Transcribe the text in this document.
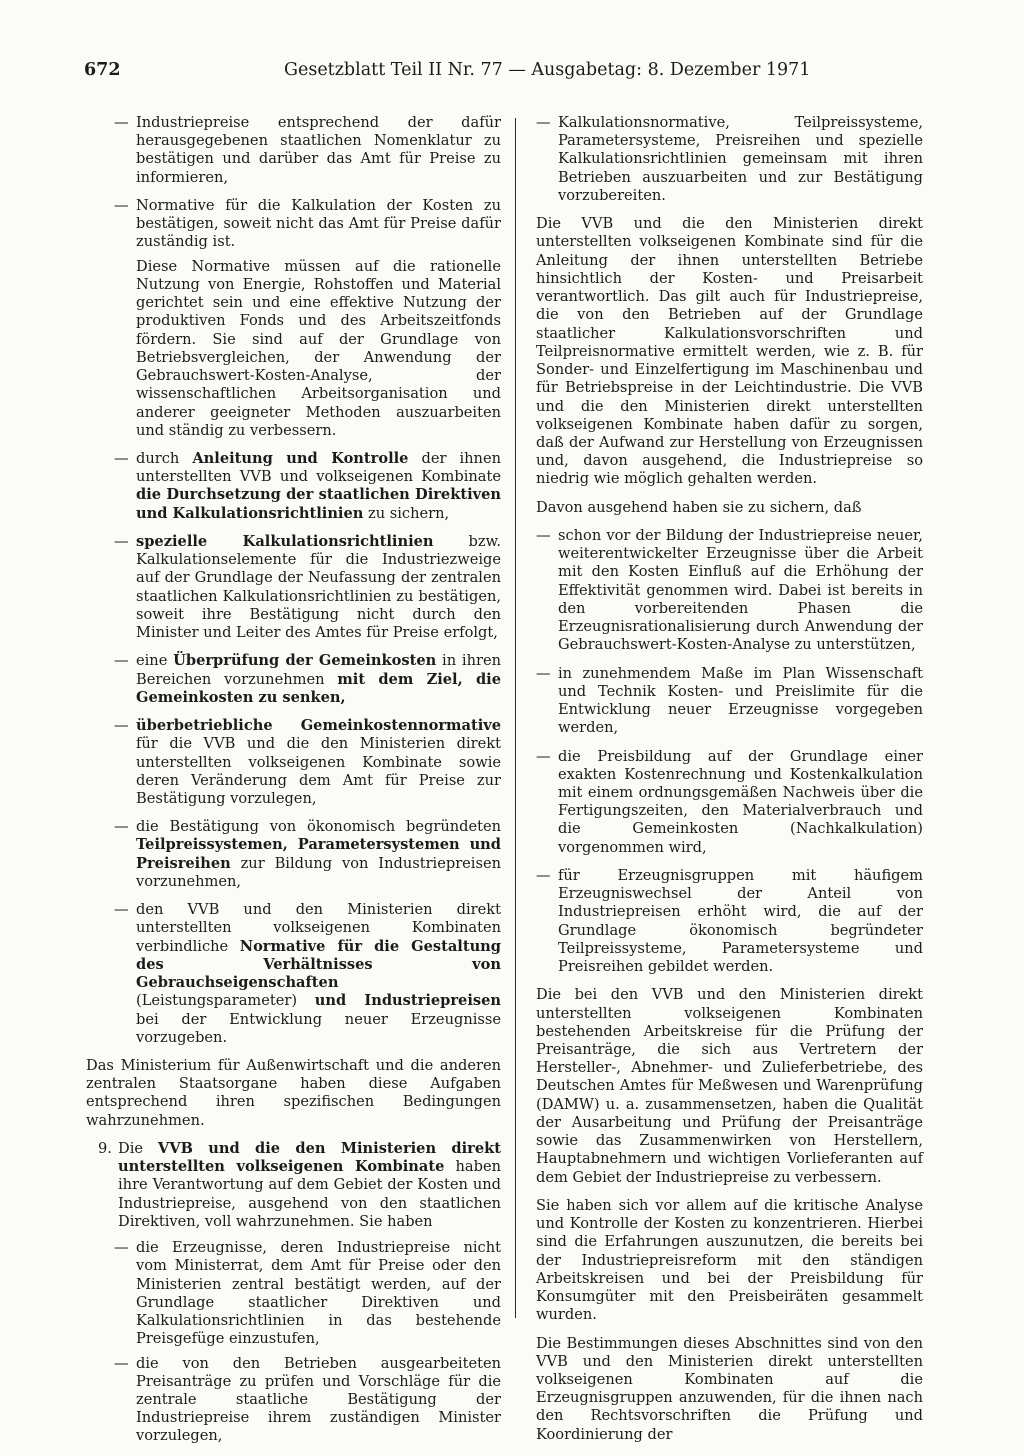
672	Gesetzblatt Teil II Nr. 77 — Ausgabetag: 8. Dezember 1971
— Industriepreise entsprechend der dafür herausgegebenen staatlichen Nomenklatur zu bestätigen und darüber das Amt für Preise zu informieren,
— Normative für die Kalkulation der Kosten zu bestätigen, soweit nicht das Amt für Preise dafür zuständig ist.
Diese Normative müssen auf die rationelle Nutzung von Energie, Rohstoffen und Material gerichtet sein und eine effektive Nutzung der produktiven Fonds und des Arbeitszeitfonds fördern. Sie sind auf der Grundlage von Betriebsvergleichen, der Anwendung der Gebrauchswert-Kosten-Analyse, der wissenschaftlichen Arbeitsorganisation und anderer geeigneter Methoden auszuarbeiten und ständig zu verbessern.
— durch Anleitung und Kontrolle der ihnen unterstellten VVB und volkseigenen Kombinate die Durchsetzung der staatlichen Direktiven und Kalkulationsrichtlinien zu sichern,
— spezielle Kalkulationsrichtlinien bzw. Kalkulationselemente für die Industriezweige auf der Grundlage der Neufassung der zentralen staatlichen Kalkulationsrichtlinien zu bestätigen, soweit ihre Bestätigung nicht durch den Minister und Leiter des Amtes für Preise erfolgt,
— eine Überprüfung der Gemeinkosten in ihren Bereichen vorzunehmen mit dem Ziel, die Gemeinkosten zu senken,
— überbetriebliche Gemeinkostennormative für die VVB und die den Ministerien direkt unterstellten volkseigenen Kombinate sowie deren Veränderung dem Amt für Preise zur Bestätigung vorzulegen,
— die Bestätigung von ökonomisch begründeten Teilpreissystemen, Parametersystemen und Preisreihen zur Bildung von Industriepreisen vorzunehmen,
— den VVB und den Ministerien direkt unterstellten volkseigenen Kombinaten verbindliche Normative für die Gestaltung des Verhältnisses von Gebrauchseigenschaften (Leistungsparameter) und Industriepreisen bei der Entwicklung neuer Erzeugnisse vorzugeben.
Das Ministerium für Außenwirtschaft und die anderen zentralen Staatsorgane haben diese Aufgaben entsprechend ihren spezifischen Bedingungen wahrzunehmen.
9. Die VVB und die den Ministerien direkt unterstellten volkseigenen Kombinate haben ihre Verantwortung auf dem Gebiet der Kosten und Industriepreise, ausgehend von den staatlichen Direktiven, voll wahrzunehmen. Sie haben
— die Erzeugnisse, deren Industriepreise nicht vom Ministerrat, dem Amt für Preise oder den Ministerien zentral bestätigt werden, auf der Grundlage staatlicher Direktiven und Kalkulationsrichtlinien in das bestehende Preisgefüge einzustufen,
— die von den Betrieben ausgearbeiteten Preisanträge zu prüfen und Vorschläge für die zentrale staatliche Bestätigung der Industriepreise ihrem zuständigen Minister vorzulegen,
— Kalkulationsnormative, Teilpreissysteme, Parametersysteme, Preisreihen und spezielle Kalkulationsrichtlinien gemeinsam mit ihren Betrieben auszuarbeiten und zur Bestätigung vorzubereiten.
Die VVB und die den Ministerien direkt unterstellten volkseigenen Kombinate sind für die Anleitung der ihnen unterstellten Betriebe hinsichtlich der Kosten- und Preisarbeit verantwortlich. Das gilt auch für Industriepreise, die von den Betrieben auf der Grundlage staatlicher Kalkulationsvorschriften und Teilpreisnormative ermittelt werden, wie z. B. für Sonder- und Einzelfertigung im Maschinenbau und für Betriebspreise in der Leichtindustrie. Die VVB und die den Ministerien direkt unterstellten volkseigenen Kombinate haben dafür zu sorgen, daß der Aufwand zur Herstellung von Erzeugnissen und, davon ausgehend, die Industriepreise so niedrig wie möglich gehalten werden.
Davon ausgehend haben sie zu sichern, daß
— schon vor der Bildung der Industriepreise neuer, weiterentwickelter Erzeugnisse über die Arbeit mit den Kosten Einfluß auf die Erhöhung der Effektivität genommen wird. Dabei ist bereits in den vorbereitenden Phasen die Erzeugnisrationalisierung durch Anwendung der Gebrauchswert-Kosten-Analyse zu unterstützen,
— in zunehmendem Maße im Plan Wissenschaft und Technik Kosten- und Preislimite für die Entwicklung neuer Erzeugnisse vorgegeben werden,
— die Preisbildung auf der Grundlage einer exakten Kostenrechnung und Kostenkalkulation mit einem ordnungsgemäßen Nachweis über die Fertigungszeiten, den Materialverbrauch und die Gemeinkosten (Nachkalkulation) vorgenommen wird,
— für Erzeugnisgruppen mit häufigem Erzeugniswechsel der Anteil von Industriepreisen erhöht wird, die auf der Grundlage ökonomisch begründeter Teilpreissysteme, Parametersysteme und Preisreihen gebildet werden.
Die bei den VVB und den Ministerien direkt unterstellten volkseigenen Kombinaten bestehenden Arbeitskreise für die Prüfung der Preisanträge, die sich aus Vertretern der Hersteller-, Abnehmer- und Zulieferbetriebe, des Deutschen Amtes für Meßwesen und Warenprüfung (DAMW) u. a. zusammensetzen, haben die Qualität der Ausarbeitung und Prüfung der Preisanträge sowie das Zusammenwirken von Herstellern, Hauptabnehmern und wichtigen Vorlieferanten auf dem Gebiet der Industriepreise zu verbessern.
Sie haben sich vor allem auf die kritische Analyse und Kontrolle der Kosten zu konzentrieren. Hierbei sind die Erfahrungen auszunutzen, die bereits bei der Industriepreisreform mit den ständigen Arbeitskreisen und bei der Preisbildung für Konsumgüter mit den Preisbeiräten gesammelt wurden.
Die Bestimmungen dieses Abschnittes sind von den VVB und den Ministerien direkt unterstellten volkseigenen Kombinaten auf die Erzeugnisgruppen anzuwenden, für die ihnen nach den Rechtsvorschriften die Prüfung und Koordinierung der
